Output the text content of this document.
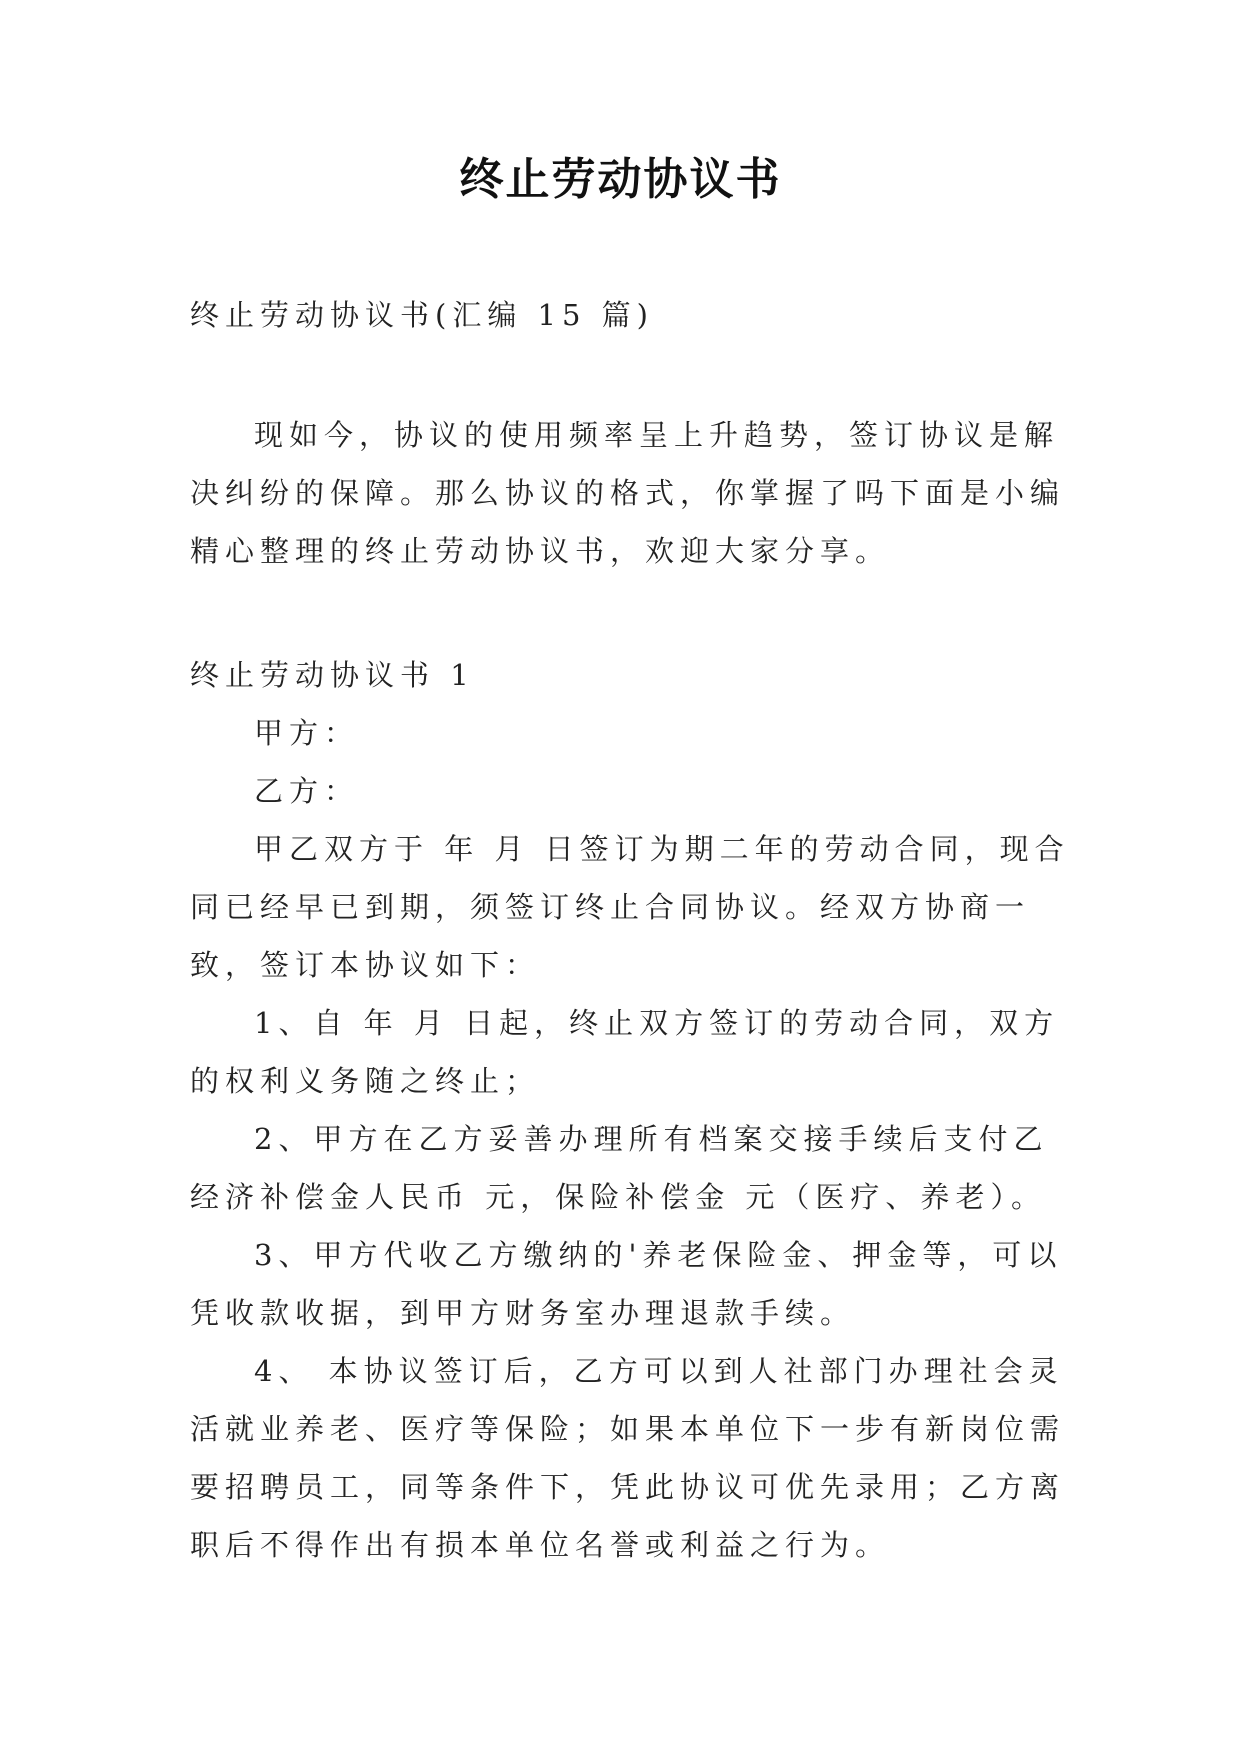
终止劳动协议书

终止劳动协议书(汇编 15 篇)

现如今，协议的使用频率呈上升趋势，签订协议是解决纠纷的保障。那么协议的格式，你掌握了吗下面是小编精心整理的终止劳动协议书，欢迎大家分享。

终止劳动协议书 1

甲方：

乙方：

甲乙双方于 年 月 日签订为期二年的劳动合同，现合同已经早已到期，须签订终止合同协议。经双方协商一致，签订本协议如下：

1、自 年 月 日起，终止双方签订的劳动合同，双方的权利义务随之终止；

2、甲方在乙方妥善办理所有档案交接手续后支付乙经济补偿金人民币 元，保险补偿金 元（医疗、养老）。

3、甲方代收乙方缴纳的'养老保险金、押金等，可以凭收款收据，到甲方财务室办理退款手续。

4、 本协议签订后，乙方可以到人社部门办理社会灵活就业养老、医疗等保险；如果本单位下一步有新岗位需要招聘员工，同等条件下，凭此协议可优先录用；乙方离职后不得作出有损本单位名誉或利益之行为。
